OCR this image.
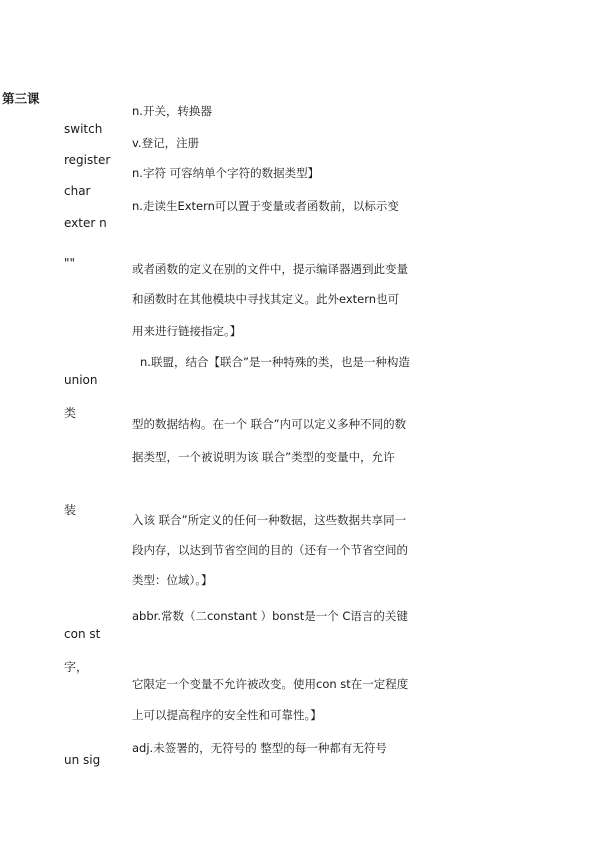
第三课
switch
register
char
exter n
""
union
类
装
con st
字，
un sig
n.开关，转换器
v.登记，注册
n.字符 可容纳单个字符的数据类型】
n.走读生Extern可以置于变量或者函数前，以标示变
或者函数的定义在别的文件中，提示编译器遇到此变量
和函数时在其他模块中寻找其定义。此外extern也可
用来进行链接指定。】
n.联盟，结合【联合”是一种特殊的类，也是一种构造
型的数据结构。在一个 联合”内可以定义多种不同的数
据类型，一个被说明为该 联合”类型的变量中，允许
入该 联合”所定义的任何一种数据，这些数据共享同一
段内存，以达到节省空间的目的（还有一个节省空间的
类型：位域）。】
abbr.常数（二constant ）bonst是一个 C语言的关键
它限定一个变量不允许被改变。使用con st在一定程度
上可以提高程序的安全性和可靠性。】
adj.未签署的，无符号的 整型的每一种都有无符号
